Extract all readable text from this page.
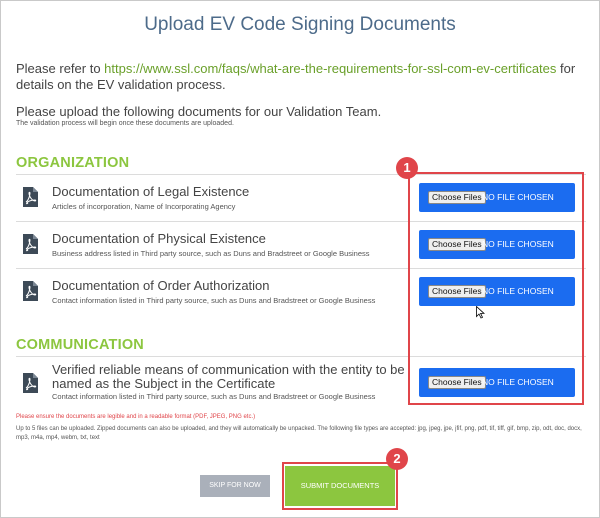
Upload EV Code Signing Documents
Please refer to https://www.ssl.com/faqs/what-are-the-requirements-for-ssl-com-ev-certificates for details on the EV validation process.
Please upload the following documents for our Validation Team.
The validation process will begin once these documents are uploaded.
ORGANIZATION
Documentation of Legal Existence
Articles of incorporation, Name of Incorporating Agency
Choose Files NO FILE CHOSEN
Documentation of Physical Existence
Business address listed in Third party source, such as Duns and Bradstreet or Google Business
Choose Files NO FILE CHOSEN
Documentation of Order Authorization
Contact information listed in Third party source, such as Duns and Bradstreet or Google Business
Choose Files NO FILE CHOSEN
COMMUNICATION
Verified reliable means of communication with the entity to be
named as the Subject in the Certificate
Contact information listed in Third party source, such as Duns and Bradstreet or Google Business
Choose Files NO FILE CHOSEN
Please ensure the documents are legible and in a readable format (PDF, JPEG, PNG etc.)
Up to 5 files can be uploaded. Zipped documents can also be uploaded, and they will automatically be unpacked. The following file types are accepted: jpg, jpeg, jpe, jfif, png, pdf, tif, tiff, gif, bmp, zip, odt, doc, docx, mp3, m4a, mp4, webm, txt, text
SKIP FOR NOW	SUBMIT DOCUMENTS
1
2
